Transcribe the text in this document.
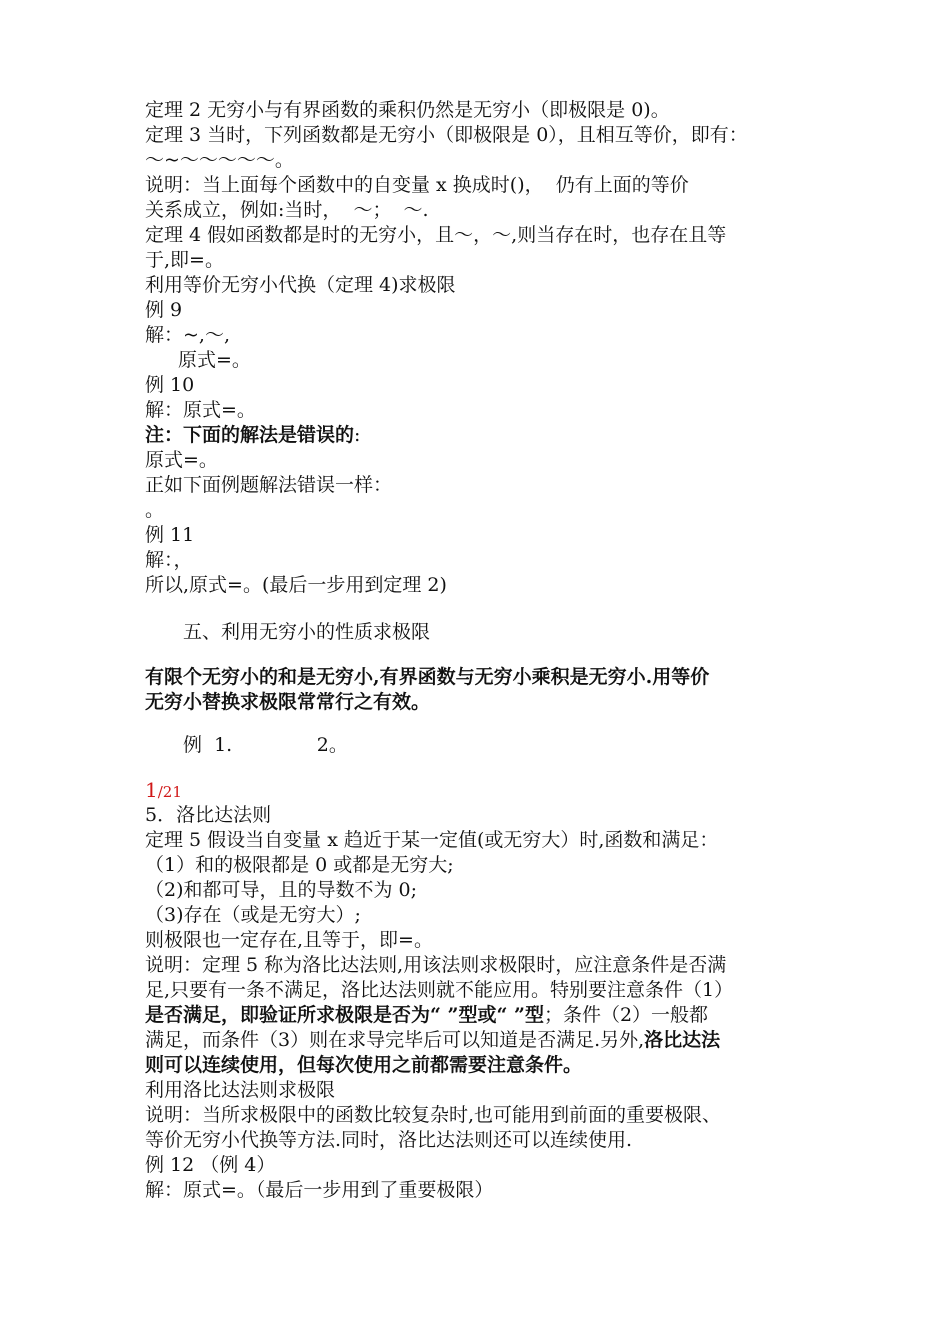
定理 2 无穷小与有界函数的乘积仍然是无穷小（即极限是 0)。
定理 3 当时，下列函数都是无穷小（即极限是 0），且相互等价，即有：
～~～～～～～。
说明：当上面每个函数中的自变量 x 换成时()，  仍有上面的等价
关系成立，例如:当时，  ～；  ～.
定理 4 假如函数都是时的无穷小，且～，～,则当存在时，也存在且等
于,即=。
利用等价无穷小代换（定理 4)求极限
例 9
解：~,～,
原式=。
例 10
解：原式=。
注：下面的解法是错误的:
原式=。
正如下面例题解法错误一样：
。
例 11
解：，
所以,原式=。(最后一步用到定理 2)
五、利用无穷小的性质求极限
有限个无穷小的和是无穷小,有界函数与无穷小乘积是无穷小.用等价
无穷小替换求极限常常行之有效。
例  1.              2。
1/21
5．洛比达法则
定理 5 假设当自变量 x 趋近于某一定值(或无穷大）时,函数和满足：
（1）和的极限都是 0 或都是无穷大;
（2)和都可导，且的导数不为 0;
（3)存在（或是无穷大）;
则极限也一定存在,且等于，即=。
说明：定理 5 称为洛比达法则,用该法则求极限时，应注意条件是否满
足,只要有一条不满足，洛比达法则就不能应用。特别要注意条件（1）
是否满足，即验证所求极限是否为“ ”型或“ ”型；条件（2）一般都
满足，而条件（3）则在求导完毕后可以知道是否满足.另外,洛比达法
则可以连续使用，但每次使用之前都需要注意条件。
利用洛比达法则求极限
说明：当所求极限中的函数比较复杂时,也可能用到前面的重要极限、
等价无穷小代换等方法.同时，洛比达法则还可以连续使用.
例 12 （例 4）
解：原式=。（最后一步用到了重要极限）
